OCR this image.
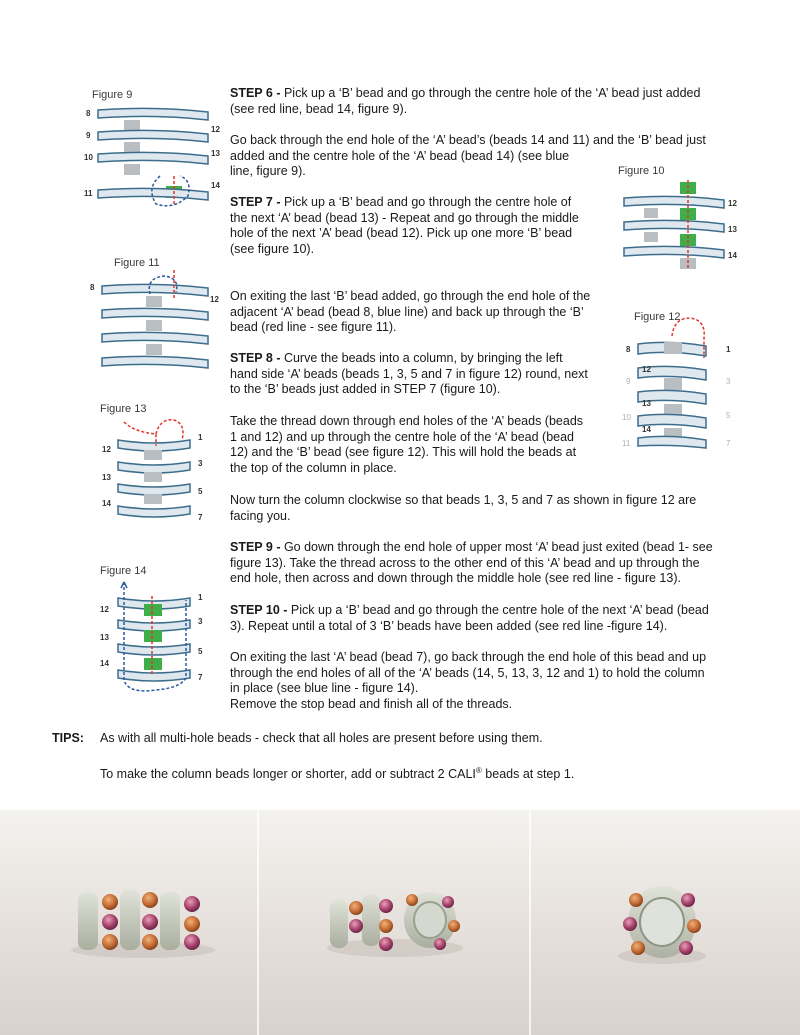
Figure 9
8
9
10
11
12
13
14
Figure 10
12
13
14
Figure 11
8
12
Figure 12
8
9
10
11
12
13
14
1
3
5
7
Figure 13
12
13
14
1
3
5
7
Figure 14
12
13
14
1
3
5
7
STEP 6 - Pick up a ‘B’ bead and go through the centre hole of the ‘A’ bead just added
(see red line, bead 14, figure 9).
Go back through the end hole of the ‘A’ bead’s (beads 14 and 11) and the ‘B’ bead just
added and the centre hole of the ‘A’ bead (bead 14) (see blue
line, figure 9).
STEP 7 - Pick up a ‘B’ bead and go through the centre hole of
the next ‘A’ bead (bead 13) - Repeat and go through the middle
hole of the next ’A’ bead (bead 12). Pick up one more ‘B’ bead
(see figure 10).
On exiting the last ‘B’ bead added, go through the end hole of the
adjacent ‘A’ bead (bead 8, blue line) and back up through the ‘B’
bead (red line - see figure 11).
STEP 8 - Curve the beads into a column, by bringing the left
hand side ‘A’ beads (beads 1, 3, 5 and 7 in figure 12) round, next
to the ‘B’ beads just added in STEP 7 (figure 10).
Take the thread down through end holes of the ‘A’ beads (beads
1 and 12) and up through the centre hole of the ‘A’ bead (bead
12) and the ‘B’ bead (see figure 12). This will hold the beads at
the top of the column in place.
Now turn the column clockwise so that beads 1, 3, 5 and 7 as shown in figure 12 are
facing you.
STEP 9 - Go down through the end hole of upper most ‘A’ bead just exited (bead 1- see
figure 13). Take the thread across to the other end of this ‘A’ bead and up through the
end hole, then across and down through the middle hole (see red line - figure 13).
STEP 10 - Pick up a ‘B’ bead and go through the centre hole of the next ‘A’ bead (bead
3). Repeat until a total of 3 ‘B’ beads have been added (see red line -figure 14).
On exiting the last ‘A’ bead (bead 7), go back through the end hole of this bead and up
through the end holes of all of the ‘A’ beads (14, 5, 13, 3, 12 and 1) to hold the column
in place (see blue line - figure 14).
Remove the stop bead and finish all of the threads.
TIPS: As with all multi-hole beads - check that all holes are present before using them.
To make the column beads longer or shorter, add or subtract 2 CALI® beads at step 1.
